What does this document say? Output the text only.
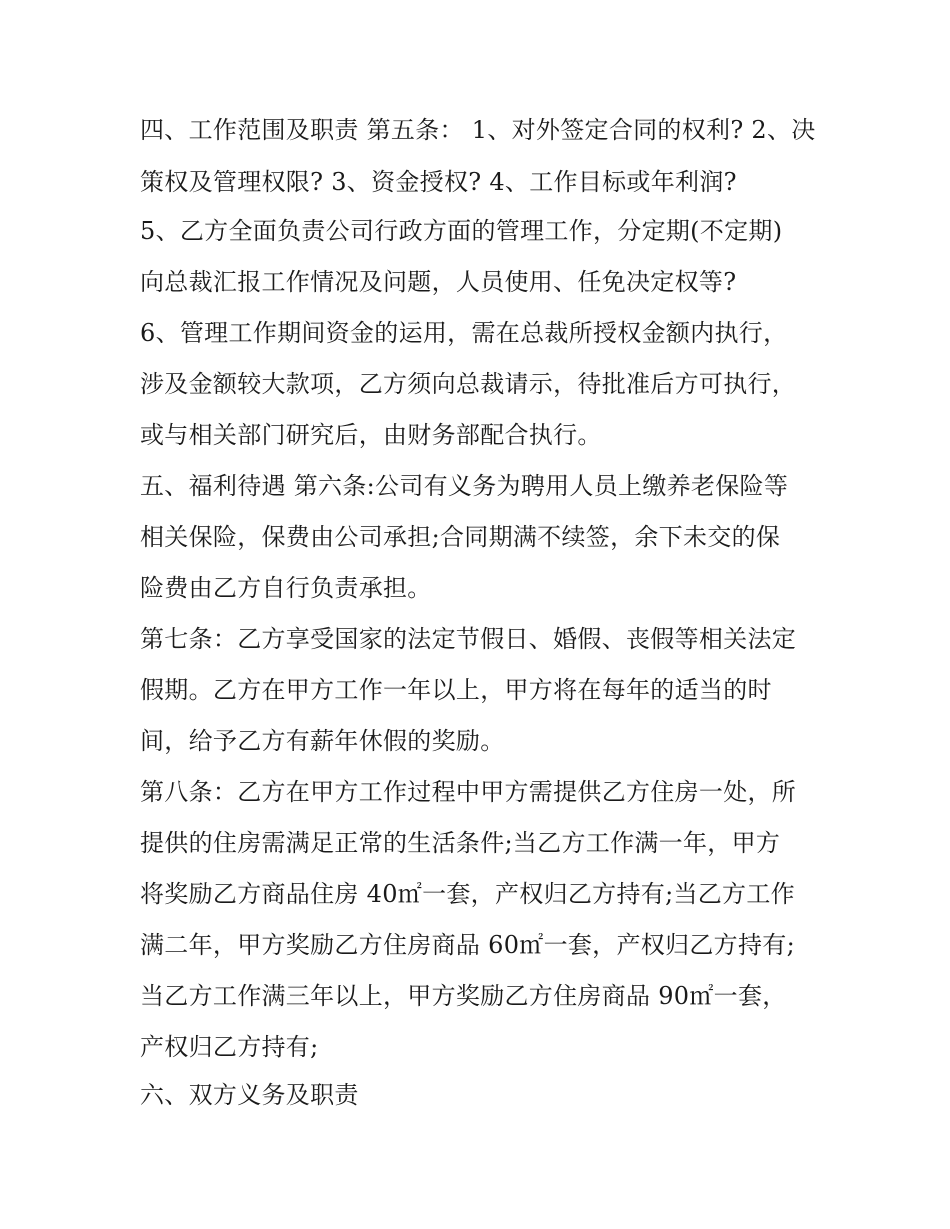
四、工作范围及职责 第五条： 1、对外签定合同的权利? 2、决

策权及管理权限? 3、资金授权? 4、工作目标或年利润?

5、乙方全面负责公司行政方面的管理工作，分定期(不定期)

向总裁汇报工作情况及问题，人员使用、任免决定权等?

6、管理工作期间资金的运用，需在总裁所授权金额内执行，

涉及金额较大款项，乙方须向总裁请示，待批准后方可执行，

或与相关部门研究后，由财务部配合执行。

五、福利待遇 第六条:公司有义务为聘用人员上缴养老保险等

相关保险，保费由公司承担;合同期满不续签，余下未交的保

险费由乙方自行负责承担。

第七条：乙方享受国家的法定节假日、婚假、丧假等相关法定

假期。乙方在甲方工作一年以上，甲方将在每年的适当的时

间，给予乙方有薪年休假的奖励。

第八条：乙方在甲方工作过程中甲方需提供乙方住房一处，所

提供的住房需满足正常的生活条件;当乙方工作满一年，甲方

将奖励乙方商品住房 40㎡一套，产权归乙方持有;当乙方工作

满二年，甲方奖励乙方住房商品 60㎡一套，产权归乙方持有;

当乙方工作满三年以上，甲方奖励乙方住房商品 90㎡一套，

产权归乙方持有;

六、双方义务及职责
